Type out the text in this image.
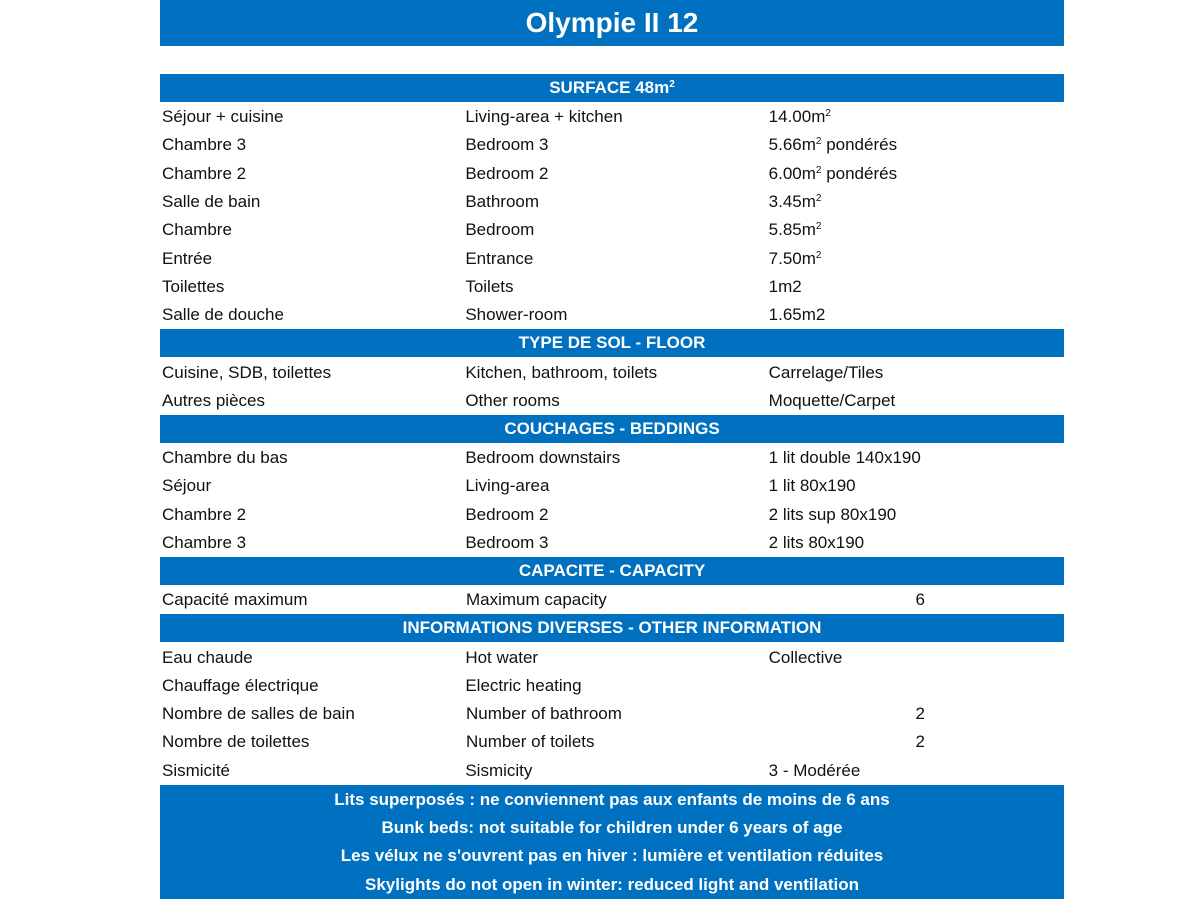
Olympie II 12
SURFACE $48m^2$
Séjour + cuisine	Living-area + kitchen	$14.00m^2$
Chambre 3	Bedroom 3	$5.66m^2$ pondérés
Chambre 2	Bedroom 2	$6.00m^2$ pondérés
Salle de bain	Bathroom	$3.45m^2$
Chambre	Bedroom	$5.85m^2$
Entrée	Entrance	$7.50m^2$
Toilettes	Toilets	1m2
Salle de douche	Shower-room	1.65m2
TYPE DE SOL - FLOOR
Cuisine, SDB, toilettes	Kitchen, bathroom, toilets	Carrelage/Tiles
Autres pièces	Other rooms	Moquette/Carpet
COUCHAGES - BEDDINGS
Chambre du bas	Bedroom downstairs	1 lit double 140x190
Séjour	Living-area	1 lit 80x190
Chambre 2	Bedroom 2	2 lits sup 80x190
Chambre 3	Bedroom 3	2 lits 80x190
CAPACITE - CAPACITY
Capacité maximum	Maximum capacity	6
INFORMATIONS DIVERSES - OTHER INFORMATION
Eau chaude	Hot water	Collective
Chauffage électrique	Electric heating
Nombre de salles de bain	Number of bathroom	2
Nombre de toilettes	Number of toilets	2
Sismicité	Sismicity	3 - Modérée
Lits superposés : ne conviennent pas aux enfants de moins de 6 ans
Bunk beds: not suitable for children under 6 years of age
Les vélux ne s'ouvrent pas en hiver : lumière et ventilation réduites
Skylights do not open in winter: reduced light and ventilation
